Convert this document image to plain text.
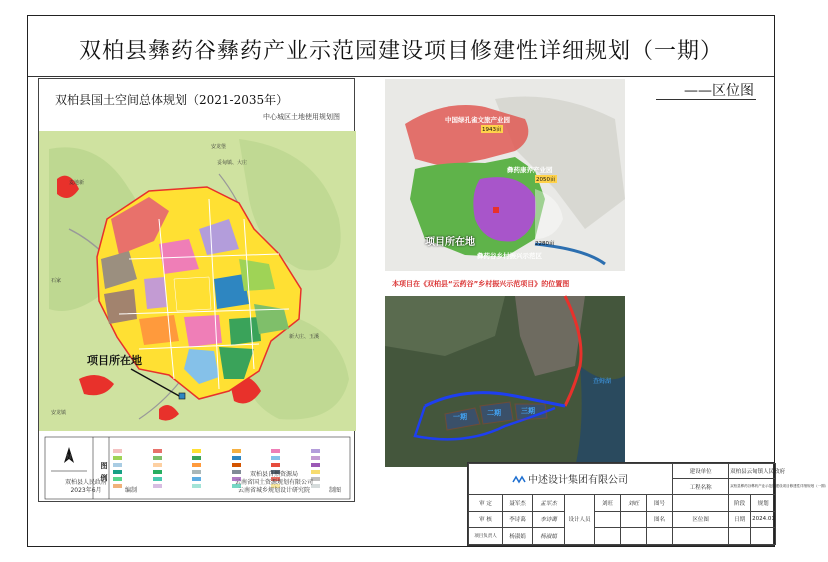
双柏县彝药谷彝药产业示范园建设项目修建性详细规划（一期）
——区位图
双柏县国土空间总体规划（2021-2035年）
中心城区土地使用规划图
妥甸镇、大庄
安龙堡
麦地新
石家
新大庄、玉溪
安龙镇
项目所在地
N
图例
双柏县人民政府
2023年6月	编制
双柏县自然资源局
云南省国土资源规划有限公司
云南省城乡规划设计研究院	制图
中国绿孔雀文旅产业园
1943亩
彝药康养产业园
2050亩
彝药谷乡村振兴示范区
2280亩
项目所在地
本项目在《双柏县“云药谷”乡村振兴示范项目》的位置图
一期	二期	三期
查姆湖
中述设计集团有限公司							建设单位	双柏县云甸镇人民政府	
							工程名称	双柏县彝药谷彝药产业示范园建设项目修建性详细规划（一期）	
审 定	聂军杰	孟军杰	设计人员	刘旺	刘旺	图号		阶段	规划
审 核	李诗蔼	李诗蔼				图名	区位图	日期	2024.01
项目负责人	杨淑娟	杨淑娟							
